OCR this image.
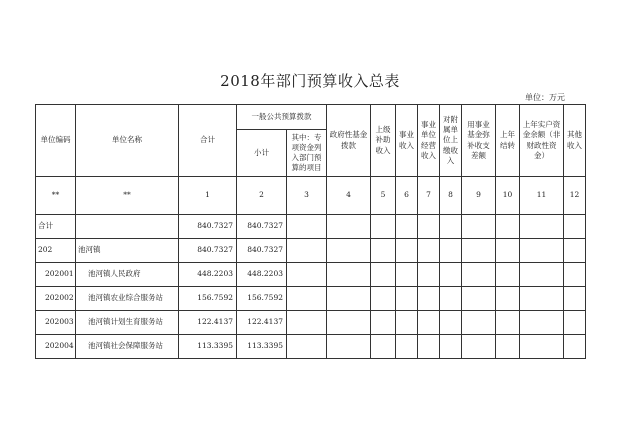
2018年部门预算收入总表
单位：万元
单位编码	单位名称	合计	一般公共预算拨款		政府性基金拨款	上级补助收入	事业收入	事业单位经营收入	对附属单位上缴收入	用事业基金弥补收支差额	上年结转	上年实户资金余额（非财政性资金）	其他收入
			小计	其中：专项资金列入部门预算的项目									
**	**	1	2	3	4	5	6	7	8	9	10	11	12
合计		840.7327	840.7327										
202	池河镇	840.7327	840.7327										
202001	池河镇人民政府	448.2203	448.2203										
202002	池河镇农业综合服务站	156.7592	156.7592										
202003	池河镇计划生育服务站	122.4137	122.4137										
202004	池河镇社会保障服务站	113.3395	113.3395										
